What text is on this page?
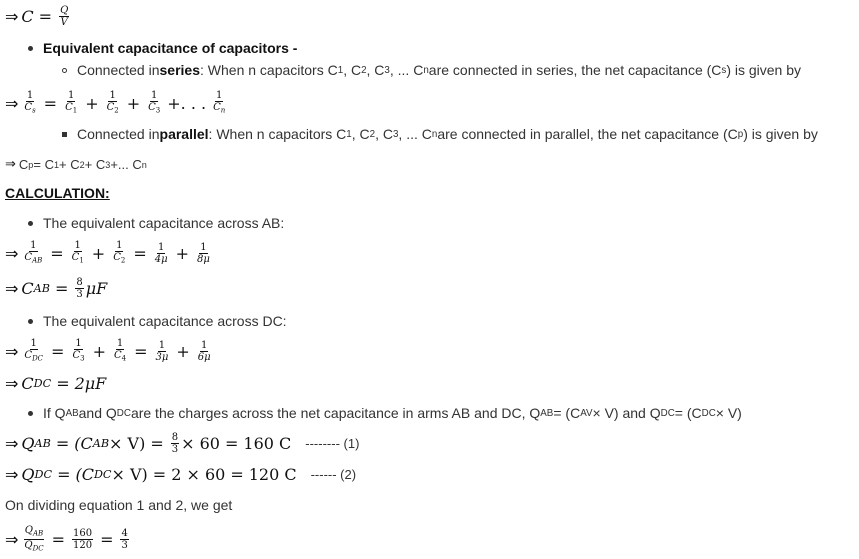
⇒ $C = \frac{Q}{V}$
Equivalent capacitance of capacitors -
Connected in series : When n capacitors C 1 , C 2 , C 3 , ... C n are connected in series, the net capacitance (C s ) is given by
⇒ $\frac{1}{C_s} = \frac{1}{C_1} + \frac{1}{C_2} + \frac{1}{C_3}$ +. . . $\frac{1}{C_n}$
Connected in parallel : When n capacitors C 1 , C 2 , C 3 , ... C n are connected in parallel, the net capacitance (C p ) is given by
⇒ C p = C 1 + C 2 + C 3 +... C n
CALCULATION:
The equivalent capacitance across AB:
⇒ $\frac{1}{C_{AB}} = \frac{1}{C_1} + \frac{1}{C_2} = \frac{1}{4\mu} + \frac{1}{8\mu}$
⇒ C AB = $\frac{8}{3}$ μF
The equivalent capacitance across DC:
⇒ $\frac{1}{C_{DC}} = \frac{1}{C_3} + \frac{1}{C_4} = \frac{1}{3\mu} + \frac{1}{6\mu}$
⇒ C DC = 2μF
If Q AB and Q DC are the charges across the net capacitance in arms AB and DC, Q AB = (C AV × V) and Q DC = (C DC × V)
⇒ Q AB = (C AB × $V) = \frac{8}{3} \times 60 = 160$ C -------- (1)
⇒ Q DC = (C DC × V) = 2 × 60 = 120 C ------ (2)
On dividing equation 1 and 2, we get
⇒ $\frac{Q_{AB}}{Q_{DC}} = \frac{160}{120} = \frac{4}{3}$
